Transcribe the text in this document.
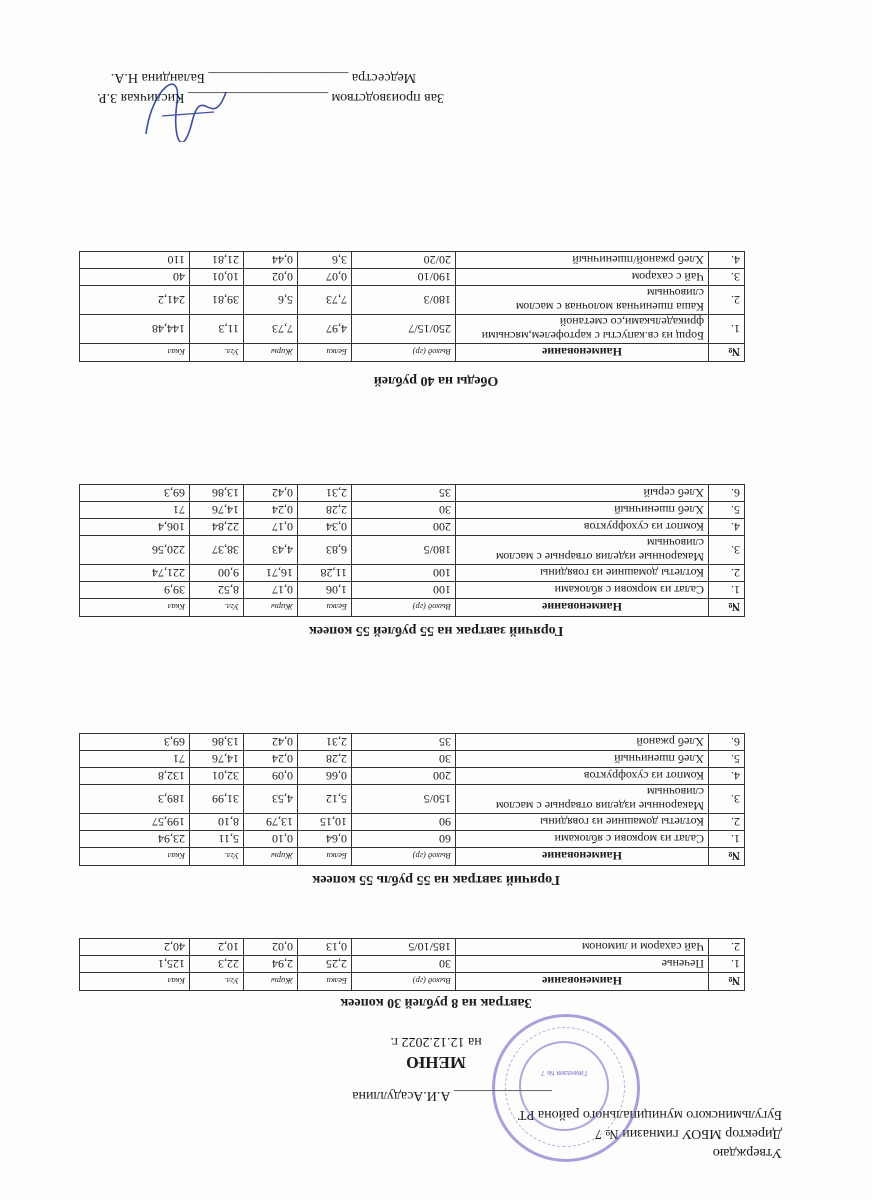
Утверждаю
Директор МБОУ гимназии № 7
Бугульминского муниципального района РТ
______________ А.И.Асадуллина
Гимназия № 7
МЕНЮ
на 12.12.2022 г.
Завтрак на 8 рублей 30 копеек
№	Наименование	Выход (гр)	Белки	Жиры	Угл.	Ккал
1.	Печенье	30	2,25	2,94	22,3	125,1
2.	Чай сахаром и лимоном	185/10/5	0,13	0,02	10,2	40,2
Горячий завтрак на 55 рубль 55 копеек
№	Наименование	Выход (гр)	Белки	Жиры	Угл.	Ккал
1.	Салат из моркови с яблоками	60	0,64	0,10	5,11	23,94
2.	Котлеты домашние из говядины	90	10,15	13,79	8,10	199,57
3.	Макаронные изделия отварные с маслом сливочным	150/5	5,12	4,53	31,99	189,3
4.	Компот из сухофруктов	200	0,66	0,09	32,01	132,8
5.	Хлеб пшеничный	30	2,28	0,24	14,76	71
6.	Хлеб ржаной	35	2,31	0,42	13,86	69,3
Горячий завтрак на 55 рублей 55 копеек
№	Наименование	Выход (гр)	Белки	Жиры	Угл.	Ккал
1.	Салат из моркови с яблоками	100	1,06	0,17	8,52	39,9
2.	Котлеты домашние из говядины	100	11,28	16,71	9,00	221,74
3.	Макаронные изделия отварные с маслом сливочным	180/5	6,83	4,43	38,37	220,56
4.	Компот из сухофруктов	200	0,34	0,17	22,84	106,4
5.	Хлеб пшеничный	30	2,28	0,24	14,76	71
6.	Хлеб серый	35	2,31	0,42	13,86	69,3
Обеды на 40 рублей
№	Наименование	Выход (гр)	Белки	Жиры	Угл.	Ккал
1.	Борщ из св.капусты с картофелем,мясными фрикадельками,со сметаной	250/15/7	4,97	7,73	11,3	144,48
2.	Каша пшеничная молочная с маслом сливочным	180/3	7,73	5,6	39,81	241,2
3.	Чай с сахаром	190/10	0,07	0,02	10,01	40
4.	Хлеб ржаной/пшеничный	20/20	3,6	0,44	21,81	110
Зав производством ____________________ Кисличкая З.Р.
Медсестра ____________________ Баландина Н.А.
